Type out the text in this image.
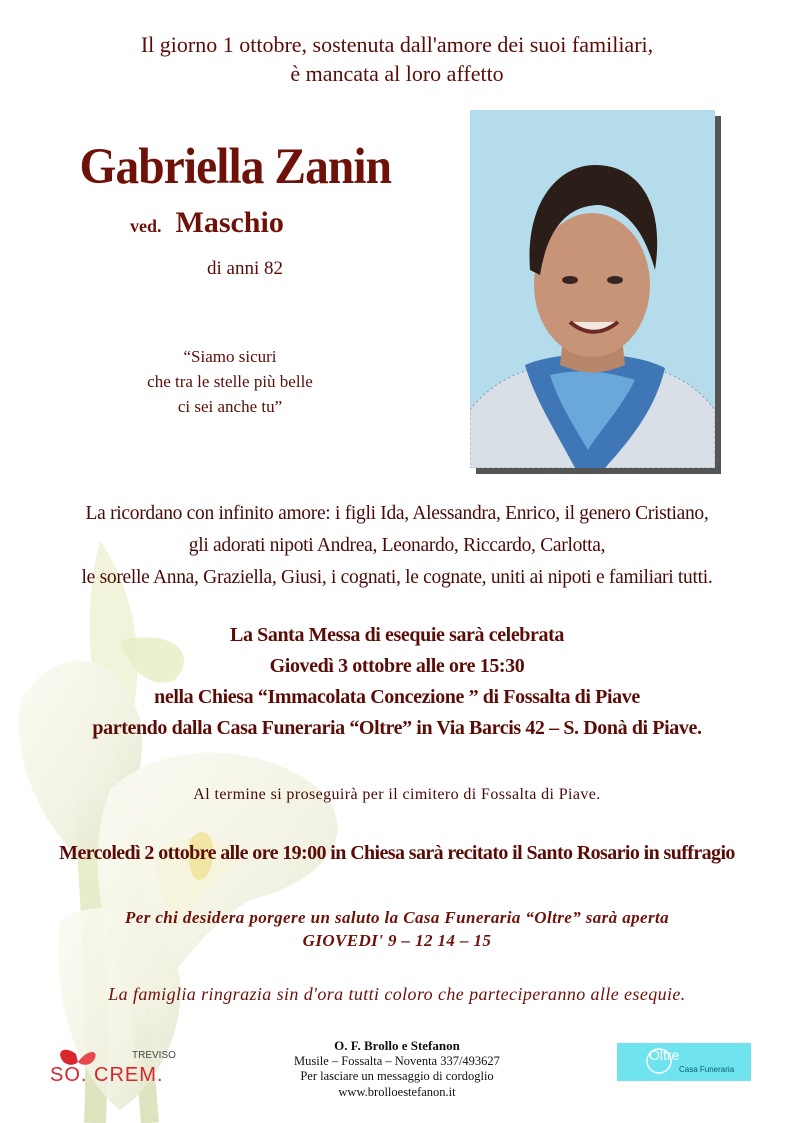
Il giorno 1 ottobre, sostenuta dall'amore dei suoi familiari,
è mancata al loro affetto
Gabriella Zanin
ved. Maschio
di anni 82
“Siamo sicuri
che tra le stelle più belle
ci sei anche tu”
La ricordano con infinito amore: i figli Ida, Alessandra, Enrico, il genero Cristiano,
gli adorati nipoti Andrea, Leonardo, Riccardo, Carlotta,
le sorelle Anna, Graziella, Giusi, i cognati, le cognate, uniti ai nipoti e familiari tutti.
La Santa Messa di esequie sarà celebrata
Giovedì 3 ottobre alle ore 15:30
nella Chiesa “Immacolata Concezione ” di Fossalta di Piave
partendo dalla Casa Funeraria “Oltre” in Via Barcis 42 – S. Donà di Piave.
Al termine si proseguirà per il cimitero di Fossalta di Piave.
Mercoledì 2 ottobre alle ore 19:00 in Chiesa sarà recitato il Santo Rosario in suffragio
Per chi desidera porgere un saluto la Casa Funeraria “Oltre” sarà aperta
GIOVEDI' 9 – 12 14 – 15
La famiglia ringrazia sin d'ora tutti coloro che parteciperanno alle esequie.
O. F. Brollo e Stefanon
Musile – Fossalta – Noventa 337/493627
Per lasciare un messaggio di cordoglio
www.brolloestefanon.it
TREVISO
SO. CREM.
Oltre
Casa Funeraria
